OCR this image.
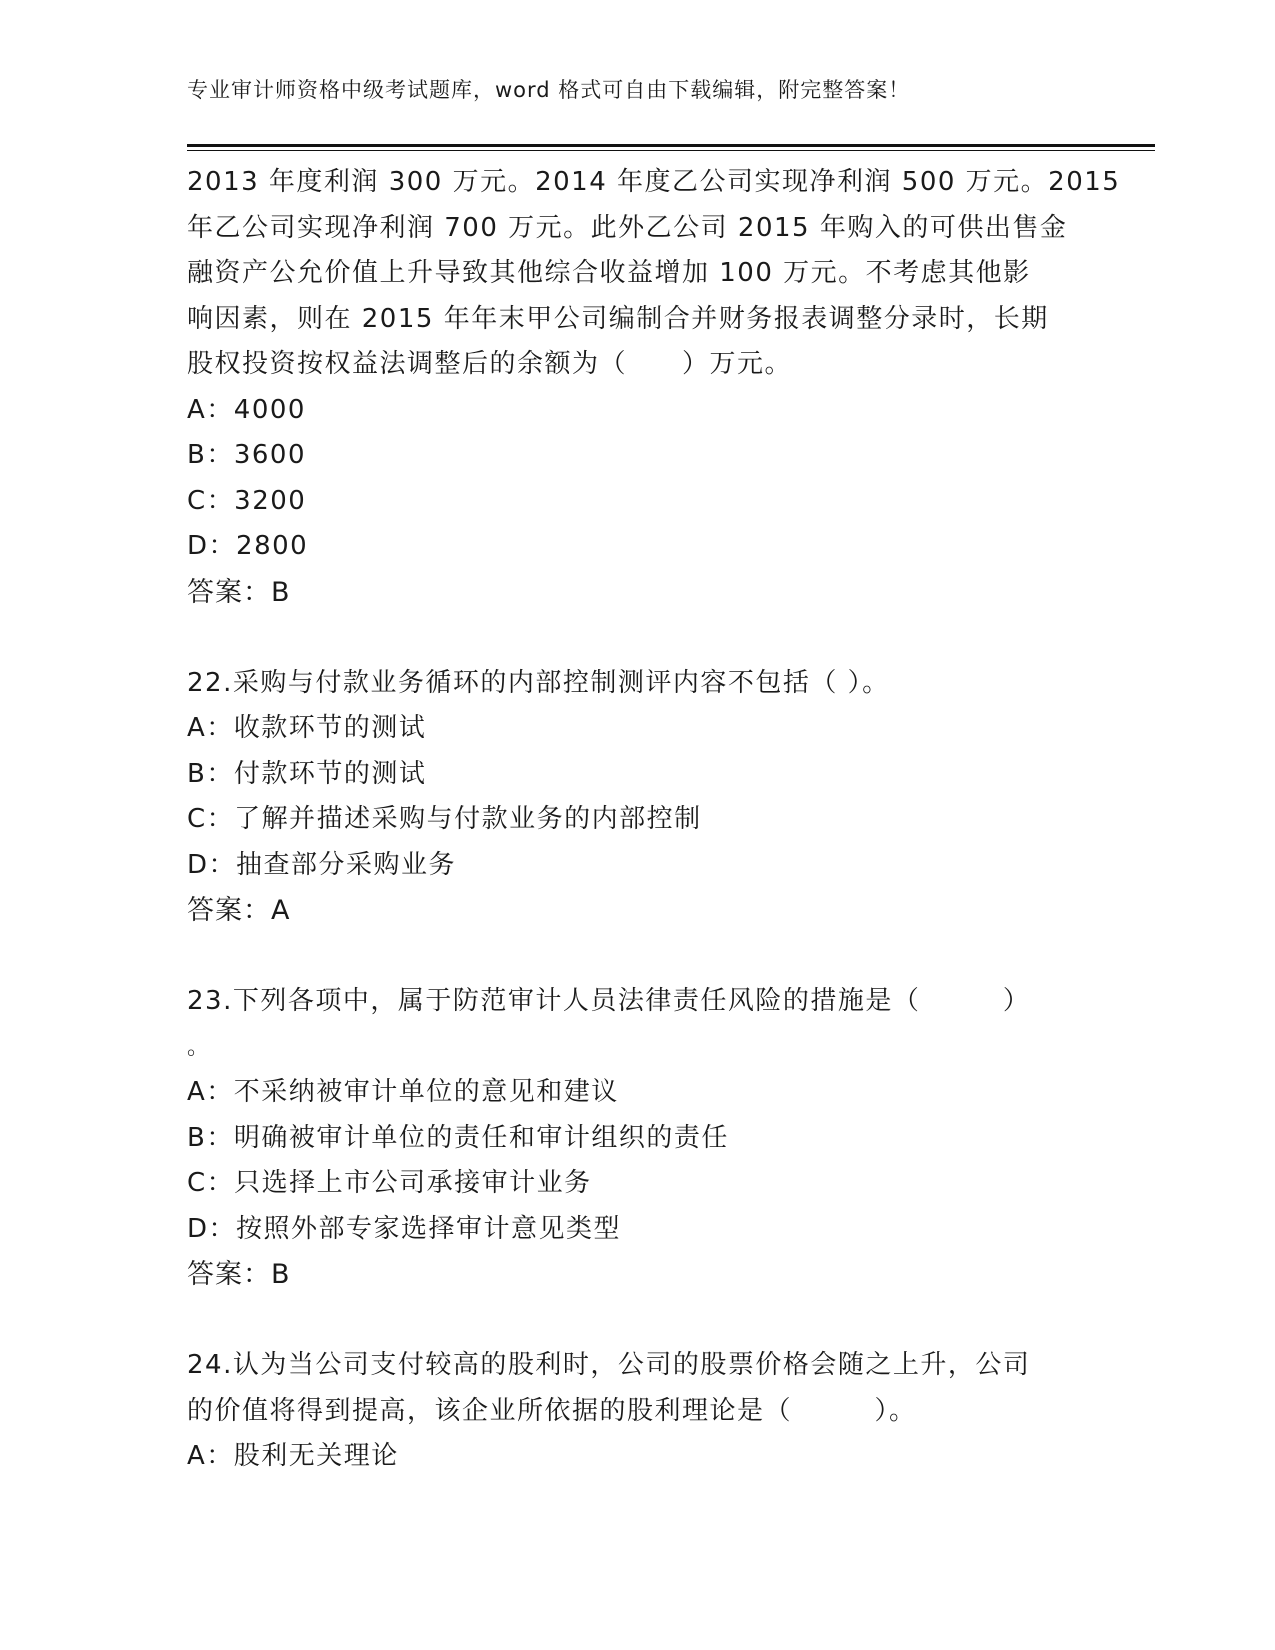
专业审计师资格中级考试题库，word 格式可自由下载编辑，附完整答案！
2013 年度利润 300 万元。2014 年度乙公司实现净利润 500 万元。2015
年乙公司实现净利润 700 万元。此外乙公司 2015 年购入的可供出售金
融资产公允价值上升导致其他综合收益增加 100 万元。不考虑其他影
响因素，则在 2015 年年末甲公司编制合并财务报表调整分录时，长期
股权投资按权益法调整后的余额为（　　）万元。
A：4000
B：3600
C：3200
D：2800
答案：B
22.采购与付款业务循环的内部控制测评内容不包括（ ）。
A：收款环节的测试
B：付款环节的测试
C：了解并描述采购与付款业务的内部控制
D：抽查部分采购业务
答案：A
23.下列各项中，属于防范审计人员法律责任风险的措施是（　　　）
。
A：不采纳被审计单位的意见和建议
B：明确被审计单位的责任和审计组织的责任
C：只选择上市公司承接审计业务
D：按照外部专家选择审计意见类型
答案：B
24.认为当公司支付较高的股利时，公司的股票价格会随之上升，公司
的价值将得到提高，该企业所依据的股利理论是（　　　）。
A：股利无关理论
